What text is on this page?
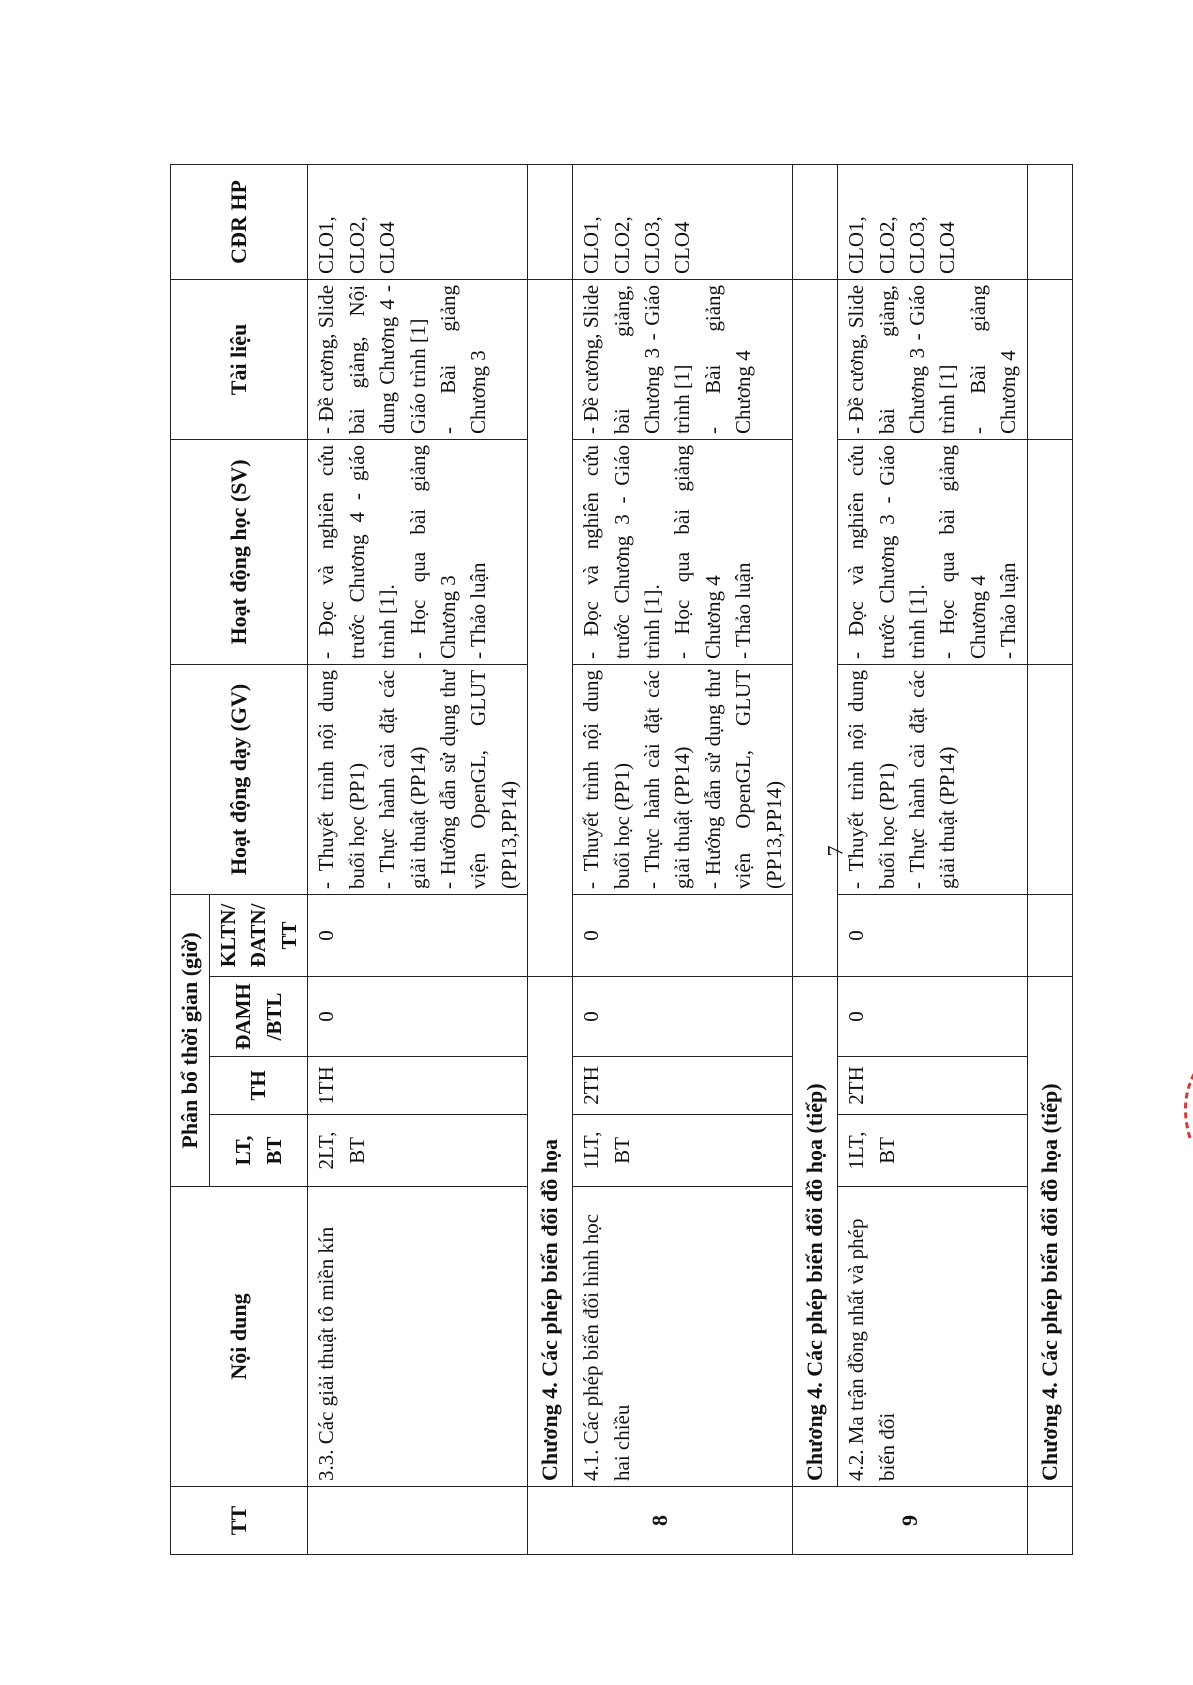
TT	Nội dung	Phân bổ thời gian (giờ)				Hoạt động dạy (GV)	Hoạt động học (SV)	Tài liệu	CĐR HP
		LT, BT	TH	ĐAMH /BTL	KLTN/ ĐATN/ TT				
	3.3. Các giải thuật tô miền kín	2LT, BT	1TH	0	0	- Thuyết trình nội dung buổi học (PP1) - Thực hành cài đặt các giải thuật (PP14) - Hướng dẫn sử dụng thư viện OpenGL, GLUT (PP13,PP14)	- Đọc và nghiên cứu trước Chương 4 - giáo trình [1]. - Học qua bài giảng Chương 3 - Thảo luận	- Đề cương, Slide bài giảng, Nội dung Chương 4 - Giáo trình [1] - Bài giảng Chương 3	CLO1, CLO2, CLO4
8	Chương 4. Các phép biến đổi đồ họa								
	4.1. Các phép biến đổi hình học hai chiều	1LT, BT	2TH	0	0	- Thuyết trình nội dung buổi học (PP1) - Thực hành cài đặt các giải thuật (PP14) - Hướng dẫn sử dụng thư viện OpenGL, GLUT (PP13,PP14)	- Đọc và nghiên cứu trước Chương 3 - Giáo trình [1]. - Học qua bài giảng Chương 4 - Thảo luận	- Đề cương, Slide bài giảng, Chương 3 - Giáo trình [1] - Bài giảng Chương 4	CLO1, CLO2, CLO3, CLO4
9	Chương 4. Các phép biến đổi đồ họa (tiếp)								
	4.2. Ma trận đồng nhất và phép biến đổi	1LT, BT	2TH	0	0	- Thuyết trình nội dung buổi học (PP1) - Thực hành cài đặt các giải thuật (PP14)	- Đọc và nghiên cứu trước Chương 3 - Giáo trình [1]. - Học qua bài giảng Chương 4 - Thảo luận	- Đề cương, Slide bài giảng, Chương 3 - Giáo trình [1] - Bài giảng Chương 4	CLO1, CLO2, CLO3, CLO4
	Chương 4. Các phép biến đổi đồ họa (tiếp)								
7
